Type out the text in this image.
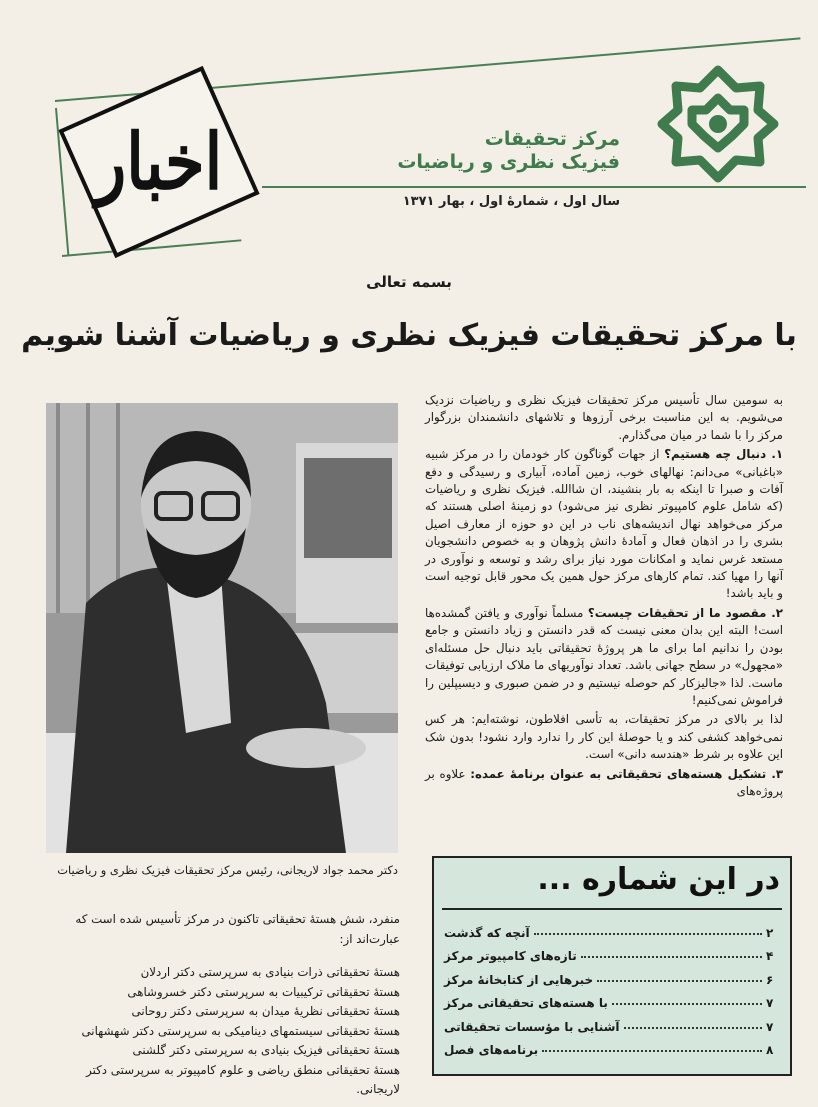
اخبار	مرکز تحقیقات
فیزیک نظری و ریاضیات
سال اول ، شمارهٔ اول ، بهار ۱۳۷۱
بسمه تعالی
با مرکز تحقیقات فیزیک نظری و ریاضیات آشنا شویم
دکتر محمد جواد لاریجانی، رئیس مرکز تحقیقات فیزیک نظری و ریاضیات

به سومین سال تأسیس مرکز تحقیقات فیزیک نظری و ریاضیات نزدیک می‌شویم. به این مناسبت برخی آرزوها و تلاشهای دانشمندان بزرگوار مرکز را با شما در میان می‌گذارم.

۱. دنبال چه هستیم؟ از جهات گوناگون کار خودمان را در مرکز شبیه «باغبانی» می‌دانم: نهالهای خوب، زمین آماده، آبیاری و رسیدگی و دفع آفات و صبرا تا اینکه به بار بنشیند، ان شاالله. فیزیک نظری و ریاضیات (که شامل علوم کامپیوتر نظری نیز می‌شود) دو زمینهٔ اصلی هستند که مرکز می‌خواهد نهال اندیشه‌های ناب در این دو حوزه از معارف اصیل بشری را در اذهان فعال و آمادهٔ دانش پژوهان و به خصوص دانشجویان مستعد غرس نماید و امکانات مورد نیاز برای رشد و توسعه و نوآوری در آنها را مهیا کند. تمام کارهای مرکز حول همین یک محور قابل توجیه است و باید باشد!

۲. مقصود ما از تحقیقات چیست؟ مسلماً نوآوری و یافتن گمشده‌ها است! البته این بدان معنی نیست که قدر دانستن و زیاد دانستن و جامع بودن را ندانیم اما برای ما هر پروژهٔ تحقیقاتی باید دنبال حل مسئله‌ای «مجهول» در سطح جهانی باشد. تعداد نوآوریهای ما ملاک ارزیابی توفیقات ماست. لذا «جالیزکار کم حوصله نیستیم و در ضمن صبوری و دیسیپلین را فراموش نمی‌کنیم!

لذا بر بالای در مرکز تحقیقات، به تأسی افلاطون، نوشته‌ایم: هر کس نمی‌خواهد کشفی کند و یا حوصلهٔ این کار را ندارد وارد نشود! بدون شک این علاوه بر شرط «هندسه دانی» است.

۳. تشکیل هسته‌های تحقیقاتی به عنوان برنامهٔ عمده: علاوه بر پروژه‌های

منفرد، شش هستهٔ تحقیقاتی تاکنون در مرکز تأسیس شده است که عبارت‌اند از:

هستهٔ تحقیقاتی ذرات بنیادی به سرپرستی دکتر اردلان
هستهٔ تحقیقاتی ترکیبیات به سرپرستی دکتر خسروشاهی
هستهٔ تحقیقاتی نظریهٔ میدان به سرپرستی دکتر روحانی
هستهٔ تحقیقاتی سیستمهای دینامیکی به سرپرستی دکتر شهشهانی
هستهٔ تحقیقاتی فیزیک بنیادی به سرپرستی دکتر گلشنی
هستهٔ تحقیقاتی منطق ریاضی و علوم کامپیوتر به سرپرستی دکتر لاریجانی.
در این شماره ...
آنچه که گذشت	۲
تازه‌های کامپیوتر مرکز	۴
خبرهایی از کتابخانهٔ مرکز	۶
با هسته‌های تحقیقاتی مرکز	۷
آشنایی با مؤسسات تحقیقاتی	۷
برنامه‌های فصل	۸
